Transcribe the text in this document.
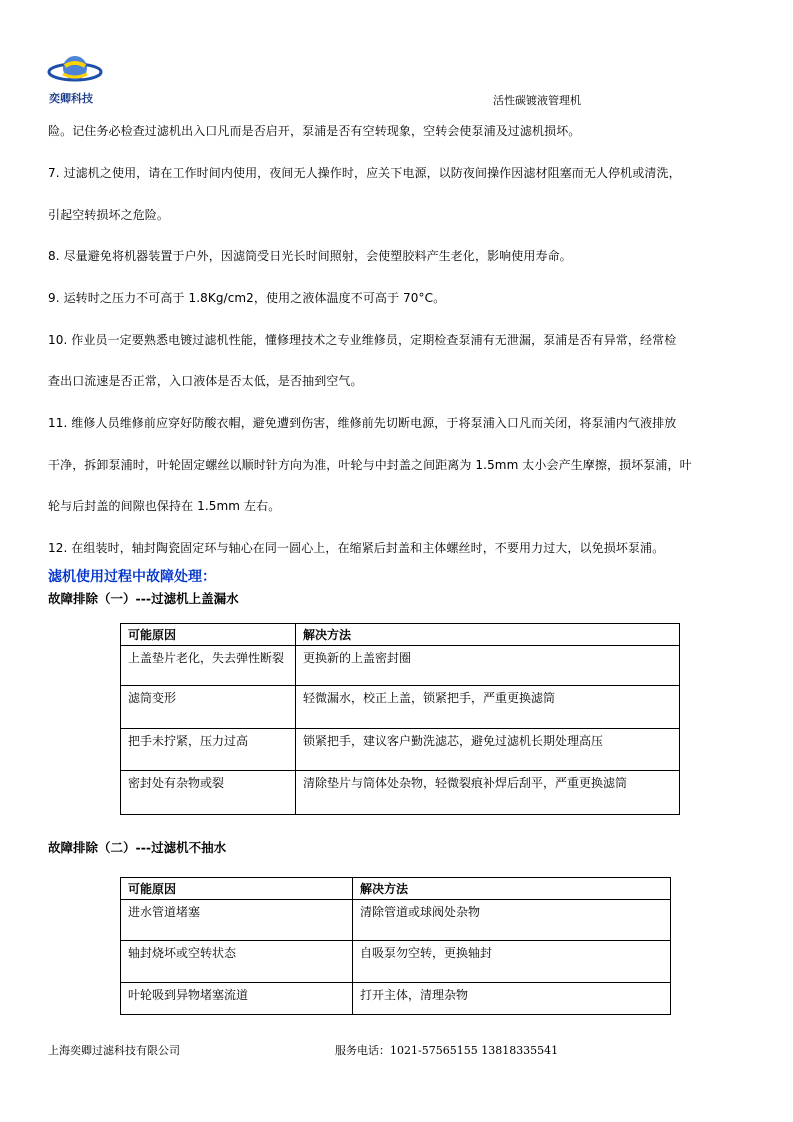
奕卿科技	活性碳镀液管理机
险。记住务必检查过滤机出入口凡而是否启开，泵浦是否有空转现象，空转会使泵浦及过滤机损坏。
7. 过滤机之使用，请在工作时间内使用，夜间无人操作时，应关下电源，以防夜间操作因滤材阻塞而无人停机或清洗，
引起空转损坏之危险。
8. 尽量避免将机器装置于户外，因滤筒受日光长时间照射，会使塑胶料产生老化，影响使用寿命。
9. 运转时之压力不可高于 1.8Kg/cm2，使用之液体温度不可高于 70°C。
10. 作业员一定要熟悉电镀过滤机性能，懂修理技术之专业维修员，定期检查泵浦有无泄漏，泵浦是否有异常，经常检
查出口流速是否正常，入口液体是否太低，是否抽到空气。
11. 维修人员维修前应穿好防酸衣帽，避免遭到伤害，维修前先切断电源，于将泵浦入口凡而关闭，将泵浦内气液排放
干净，拆卸泵浦时，叶轮固定螺丝以顺时针方向为准，叶轮与中封盖之间距离为 1.5mm 太小会产生摩擦，损坏泵浦，叶
轮与后封盖的间隙也保持在 1.5mm 左右。
12. 在组装时，轴封陶瓷固定环与轴心在同一圆心上，在缩紧后封盖和主体螺丝时，不要用力过大，以免损坏泵浦。
滤机使用过程中故障处理：
故障排除（一）---过滤机上盖漏水
可能原因	解决方法
上盖垫片老化，失去弹性断裂	更换新的上盖密封圈
滤筒变形	轻微漏水，校正上盖，锁紧把手，严重更换滤筒
把手未拧紧，压力过高	锁紧把手，建议客户勤洗滤芯，避免过滤机长期处理高压
密封处有杂物或裂	清除垫片与筒体处杂物，轻微裂痕补焊后刮平，严重更换滤筒
故障排除（二）---过滤机不抽水
可能原因	解决方法
进水管道堵塞	清除管道或球阀处杂物
轴封烧坏或空转状态	自吸泵勿空转，更换轴封
叶轮吸到异物堵塞流道	打开主体，清理杂物
上海奕卿过滤科技有限公司	服务电话：1021-57565155 13818335541
